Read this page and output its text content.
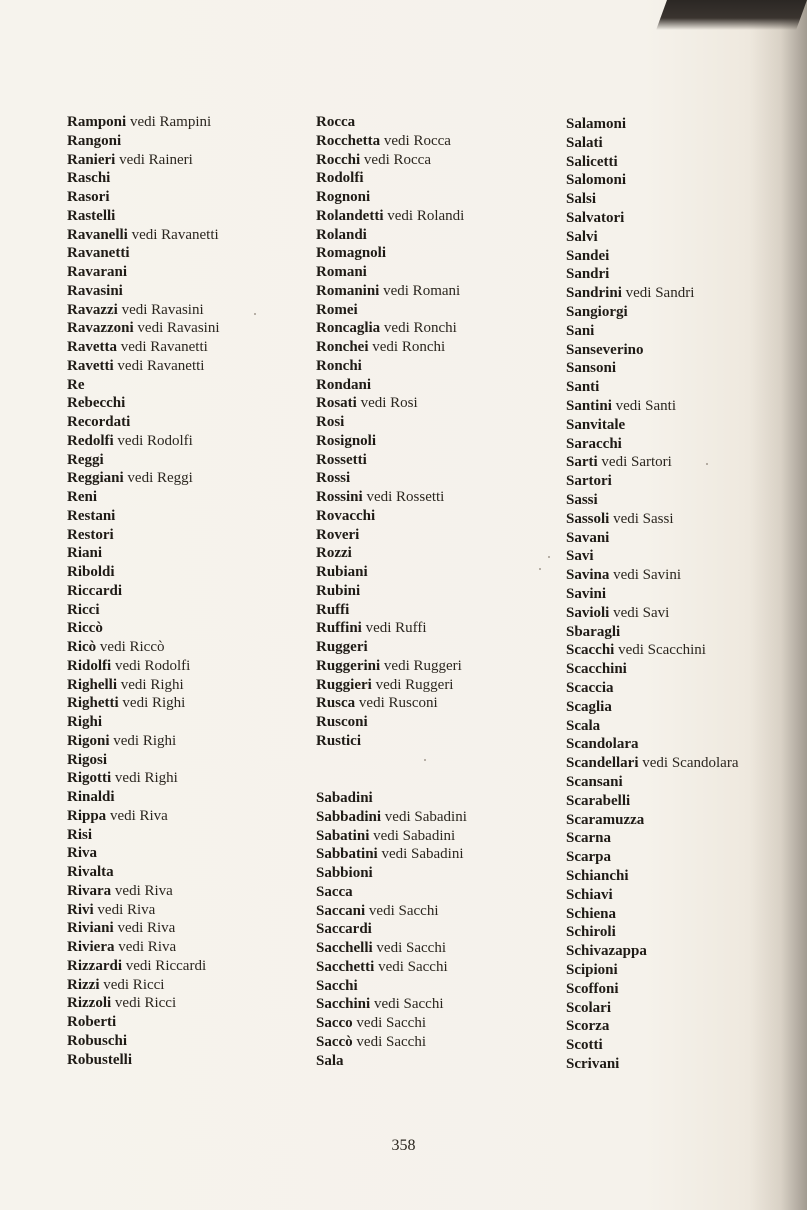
Ramponi vedi Rampini
Rangoni
Ranieri vedi Raineri
Raschi
Rasori
Rastelli
Ravanelli vedi Ravanetti
Ravanetti
Ravarani
Ravasini
Ravazzi vedi Ravasini
Ravazzoni vedi Ravasini
Ravetta vedi Ravanetti
Ravetti vedi Ravanetti
Re
Rebecchi
Recordati
Redolfi vedi Rodolfi
Reggi
Reggiani vedi Reggi
Reni
Restani
Restori
Riani
Riboldi
Riccardi
Ricci
Riccò
Ricò vedi Riccò
Ridolfi vedi Rodolfi
Righelli vedi Righi
Righetti vedi Righi
Righi
Rigoni vedi Righi
Rigosi
Rigotti vedi Righi
Rinaldi
Rippa vedi Riva
Risi
Riva
Rivalta
Rivara vedi Riva
Rivi vedi Riva
Riviani vedi Riva
Riviera vedi Riva
Rizzardi vedi Riccardi
Rizzi vedi Ricci
Rizzoli vedi Ricci
Roberti
Robuschi
Robustelli
Rocca
Rocchetta vedi Rocca
Rocchi vedi Rocca
Rodolfi
Rognoni
Rolandetti vedi Rolandi
Rolandi
Romagnoli
Romani
Romanini vedi Romani
Romei
Roncaglia vedi Ronchi
Ronchei vedi Ronchi
Ronchi
Rondani
Rosati vedi Rosi
Rosi
Rosignoli
Rossetti
Rossi
Rossini vedi Rossetti
Rovacchi
Roveri
Rozzi
Rubiani
Rubini
Ruffi
Ruffini vedi Ruffi
Ruggeri
Ruggerini vedi Ruggeri
Ruggieri vedi Ruggeri
Rusca vedi Rusconi
Rusconi
Rustici
Sabadini
Sabbadini vedi Sabadini
Sabatini vedi Sabadini
Sabbatini vedi Sabadini
Sabbioni
Sacca
Saccani vedi Sacchi
Saccardi
Sacchelli vedi Sacchi
Sacchetti vedi Sacchi
Sacchi
Sacchini vedi Sacchi
Sacco vedi Sacchi
Saccò vedi Sacchi
Sala
Salamoni
Salati
Salicetti
Salomoni
Salsi
Salvatori
Salvi
Sandei
Sandri
Sandrini vedi Sandri
Sangiorgi
Sani
Sanseverino
Sansoni
Santi
Santini vedi Santi
Sanvitale
Saracchi
Sarti vedi Sartori
Sartori
Sassi
Sassoli vedi Sassi
Savani
Savi
Savina vedi Savini
Savini
Savioli vedi Savi
Sbaragli
Scacchi vedi Scacchini
Scacchini
Scaccia
Scaglia
Scala
Scandolara
Scandellari vedi Scandolara
Scansani
Scarabelli
Scaramuzza
Scarna
Scarpa
Schianchi
Schiavi
Schiena
Schiroli
Schivazappa
Scipioni
Scoffoni
Scolari
Scorza
Scotti
Scrivani
358
